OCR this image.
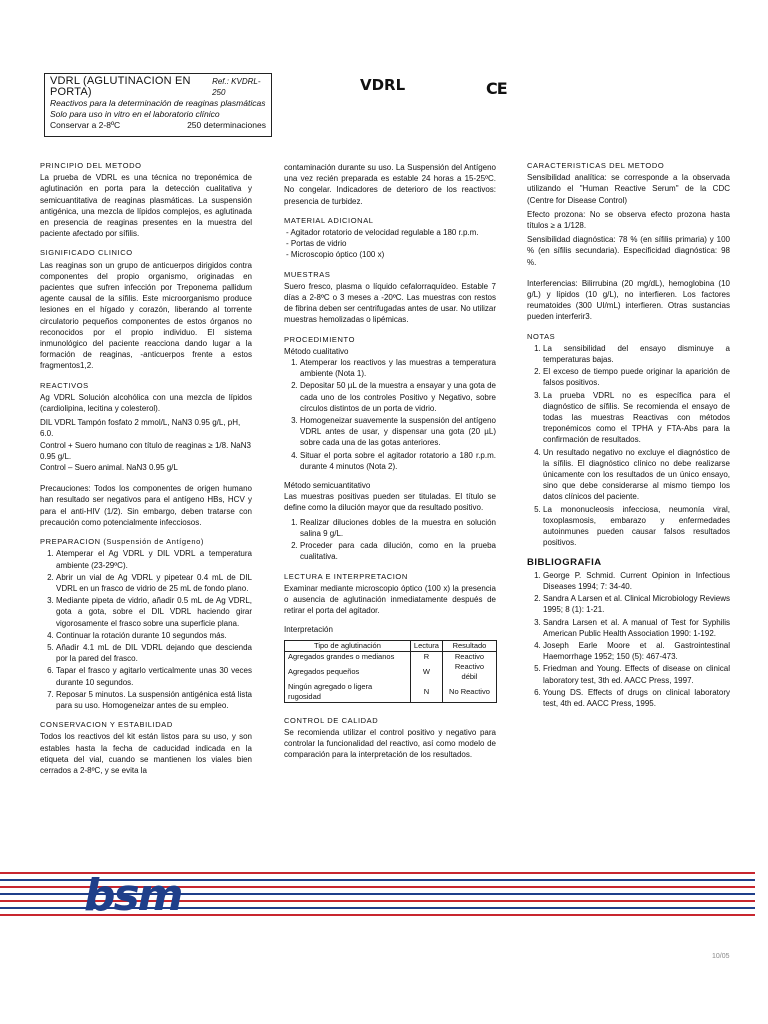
VDRL (AGLUTINACION EN PORTA)
Ref.: KVDRL-250
Reactivos para la determinación de reaginas plasmáticas
Solo para uso in vitro en el laboratorio clínico
Conservar a 2-8ºC	250 determinaciones
VDRL	CE
PRINCIPIO DEL METODO

La prueba de VDRL es una técnica no treponémica de aglutinación en porta para la detección cualitativa y semicuantitativa de reaginas plasmáticas. La suspensión antigénica, una mezcla de lípidos complejos, es aglutinada en presencia de reaginas presentes en la muestra del paciente afectado por sífilis.

SIGNIFICADO CLINICO

Las reaginas son un grupo de anticuerpos dirigidos contra componentes del propio organismo, originadas en pacientes que sufren infección por Treponema pallidum agente causal de la sífilis. Este microorganismo produce lesiones en el hígado y corazón, liberando al torrente circulatorio pequeños componentes de estos órganos no reconocidos por el propio individuo. El sistema inmunológico del paciente reacciona dando lugar a la formación de reaginas, -anticuerpos frente a estos fragmentos1,2.

REACTIVOS

Ag VDRL Solución alcohólica con una mezcla de lípidos (cardiolipina, lecitina y colesterol).

DIL VDRL Tampón fosfato 2 mmol/L, NaN3 0.95 g/L, pH, 6.0.
Control + Suero humano con título de reaginas ≥ 1/8. NaN3 0.95 g/L.
Control – Suero animal. NaN3 0.95 g/L

Precauciones: Todos los componentes de origen humano han resultado ser negativos para el antígeno HBs, HCV y para el anti-HIV (1/2). Sin embargo, deben tratarse con precaución como potencialmente infecciosos.

PREPARACION (Suspensión de Antígeno)
1. Atemperar el Ag VDRL y DIL VDRL a temperatura ambiente (23-29ºC).
2. Abrir un vial de Ag VDRL y pipetear 0.4 mL de DIL VDRL en un frasco de vidrio de 25 mL de fondo plano.
3. Mediante pipeta de vidrio, añadir 0.5 mL de Ag VDRL, gota a gota, sobre el DIL VDRL haciendo girar vigorosamente el frasco sobre una superficie plana.
4. Continuar la rotación durante 10 segundos más.
5. Añadir 4.1 mL de DIL VDRL dejando que descienda por la pared del frasco.
6. Tapar el frasco y agitarlo verticalmente unas 30 veces durante 10 segundos.
7. Reposar 5 minutos. La suspensión antigénica está lista para su uso. Homogeneizar antes de su empleo.
CONSERVACION Y ESTABILIDAD

Todos los reactivos del kit están listos para su uso, y son estables hasta la fecha de caducidad indicada en la etiqueta del vial, cuando se mantienen los viales bien cerrados a 2-8ºC, y se evita la

contaminación durante su uso. La Suspensión del Antígeno una vez recién preparada es estable 24 horas a 15-25ºC. No congelar. Indicadores de deterioro de los reactivos: presencia de turbidez.

MATERIAL ADICIONAL
- Agitador rotatorio de velocidad regulable a 180 r.p.m.
- Portas de vidrio
- Microscopio óptico (100 x)
MUESTRAS

Suero fresco, plasma o líquido cefalorraquídeo. Estable 7 días a 2-8ºC o 3 meses a -20ºC. Las muestras con restos de fibrina deben ser centrifugadas antes de usar. No utilizar muestras hemolizadas o lipémicas.

PROCEDIMIENTO
Método cualitativo
1. Atemperar los reactivos y las muestras a temperatura ambiente (Nota 1).
2. Depositar 50 µL de la muestra a ensayar y una gota de cada uno de los controles Positivo y Negativo, sobre círculos distintos de un porta de vidrio.
3. Homogeneizar suavemente la suspensión del antígeno VDRL antes de usar, y dispensar una gota (20 µL) sobre cada una de las gotas anteriores.
4. Situar el porta sobre el agitador rotatorio a 180 r.p.m. durante 4 minutos (Nota 2).
Método semicuantitativo

Las muestras positivas pueden ser tituladas. El título se define como la dilución mayor que da resultado positivo.

1. Realizar diluciones dobles de la muestra en solución salina 9 g/L.
2. Proceder para cada dilución, como en la prueba cualitativa.
LECTURA E INTERPRETACION

Examinar mediante microscopio óptico (100 x) la presencia o ausencia de aglutinación inmediatamente después de retirar el porta del agitador.

Interpretación
Tipo de aglutinación	Lectura	Resultado
Agregados grandes o medianos	R	Reactivo
Agregados pequeños	W	Reactivo débil
Ningún agregado o ligera rugosidad	N	No Reactivo
CONTROL DE CALIDAD

Se recomienda utilizar el control positivo y negativo para controlar la funcionalidad del reactivo, así como modelo de comparación para la interpretación de los resultados.

CARACTERISTICAS DEL METODO

Sensibilidad analítica: se corresponde a la observada utilizando el "Human Reactive Serum" de la CDC (Centre for Disease Control)

Efecto prozona: No se observa efecto prozona hasta títulos ≥ a 1/128.

Sensibilidad diagnóstica: 78 % (en sífilis primaria) y 100 % (en sífilis secundaria). Especificidad diagnóstica: 98 %.

Interferencias: Bilirrubina (20 mg/dL), hemoglobina (10 g/L) y lípidos (10 g/L), no interfieren. Los factores reumatoides (300 UI/mL) interfieren. Otras sustancias pueden interferir3.

NOTAS
1. La sensibilidad del ensayo disminuye a temperaturas bajas.
2. El exceso de tiempo puede originar la aparición de falsos positivos.
3. La prueba VDRL no es específica para el diagnóstico de sífilis. Se recomienda el ensayo de todas las muestras Reactivas con métodos treponémicos como el TPHA y FTA-Abs para la confirmación de resultados.
4. Un resultado negativo no excluye el diagnóstico de la sífilis. El diagnóstico clínico no debe realizarse únicamente con los resultados de un único ensayo, sino que debe considerarse al mismo tiempo los datos clínicos del paciente.
5. La mononucleosis infecciosa, neumonía viral, toxoplasmosis, embarazo y enfermedades autoinmunes pueden causar falsos resultados positivos.
BIBLIOGRAFIA
1. George P. Schmid. Current Opinion in Infectious Diseases 1994; 7: 34-40.
2. Sandra A Larsen et al. Clinical Microbiology Reviews 1995; 8 (1): 1-21.
3. Sandra Larsen et al. A manual of Test for Syphilis American Public Health Association 1990: 1-192.
4. Joseph Earle Moore et al. Gastrointestinal Haemorrhage 1952; 150 (5): 467-473.
5. Friedman and Young. Effects of disease on clinical laboratory test, 3th ed. AACC Press, 1997.
6. Young DS. Effects of drugs on clinical laboratory test, 4th ed. AACC Press, 1995.
bsm
10/05
